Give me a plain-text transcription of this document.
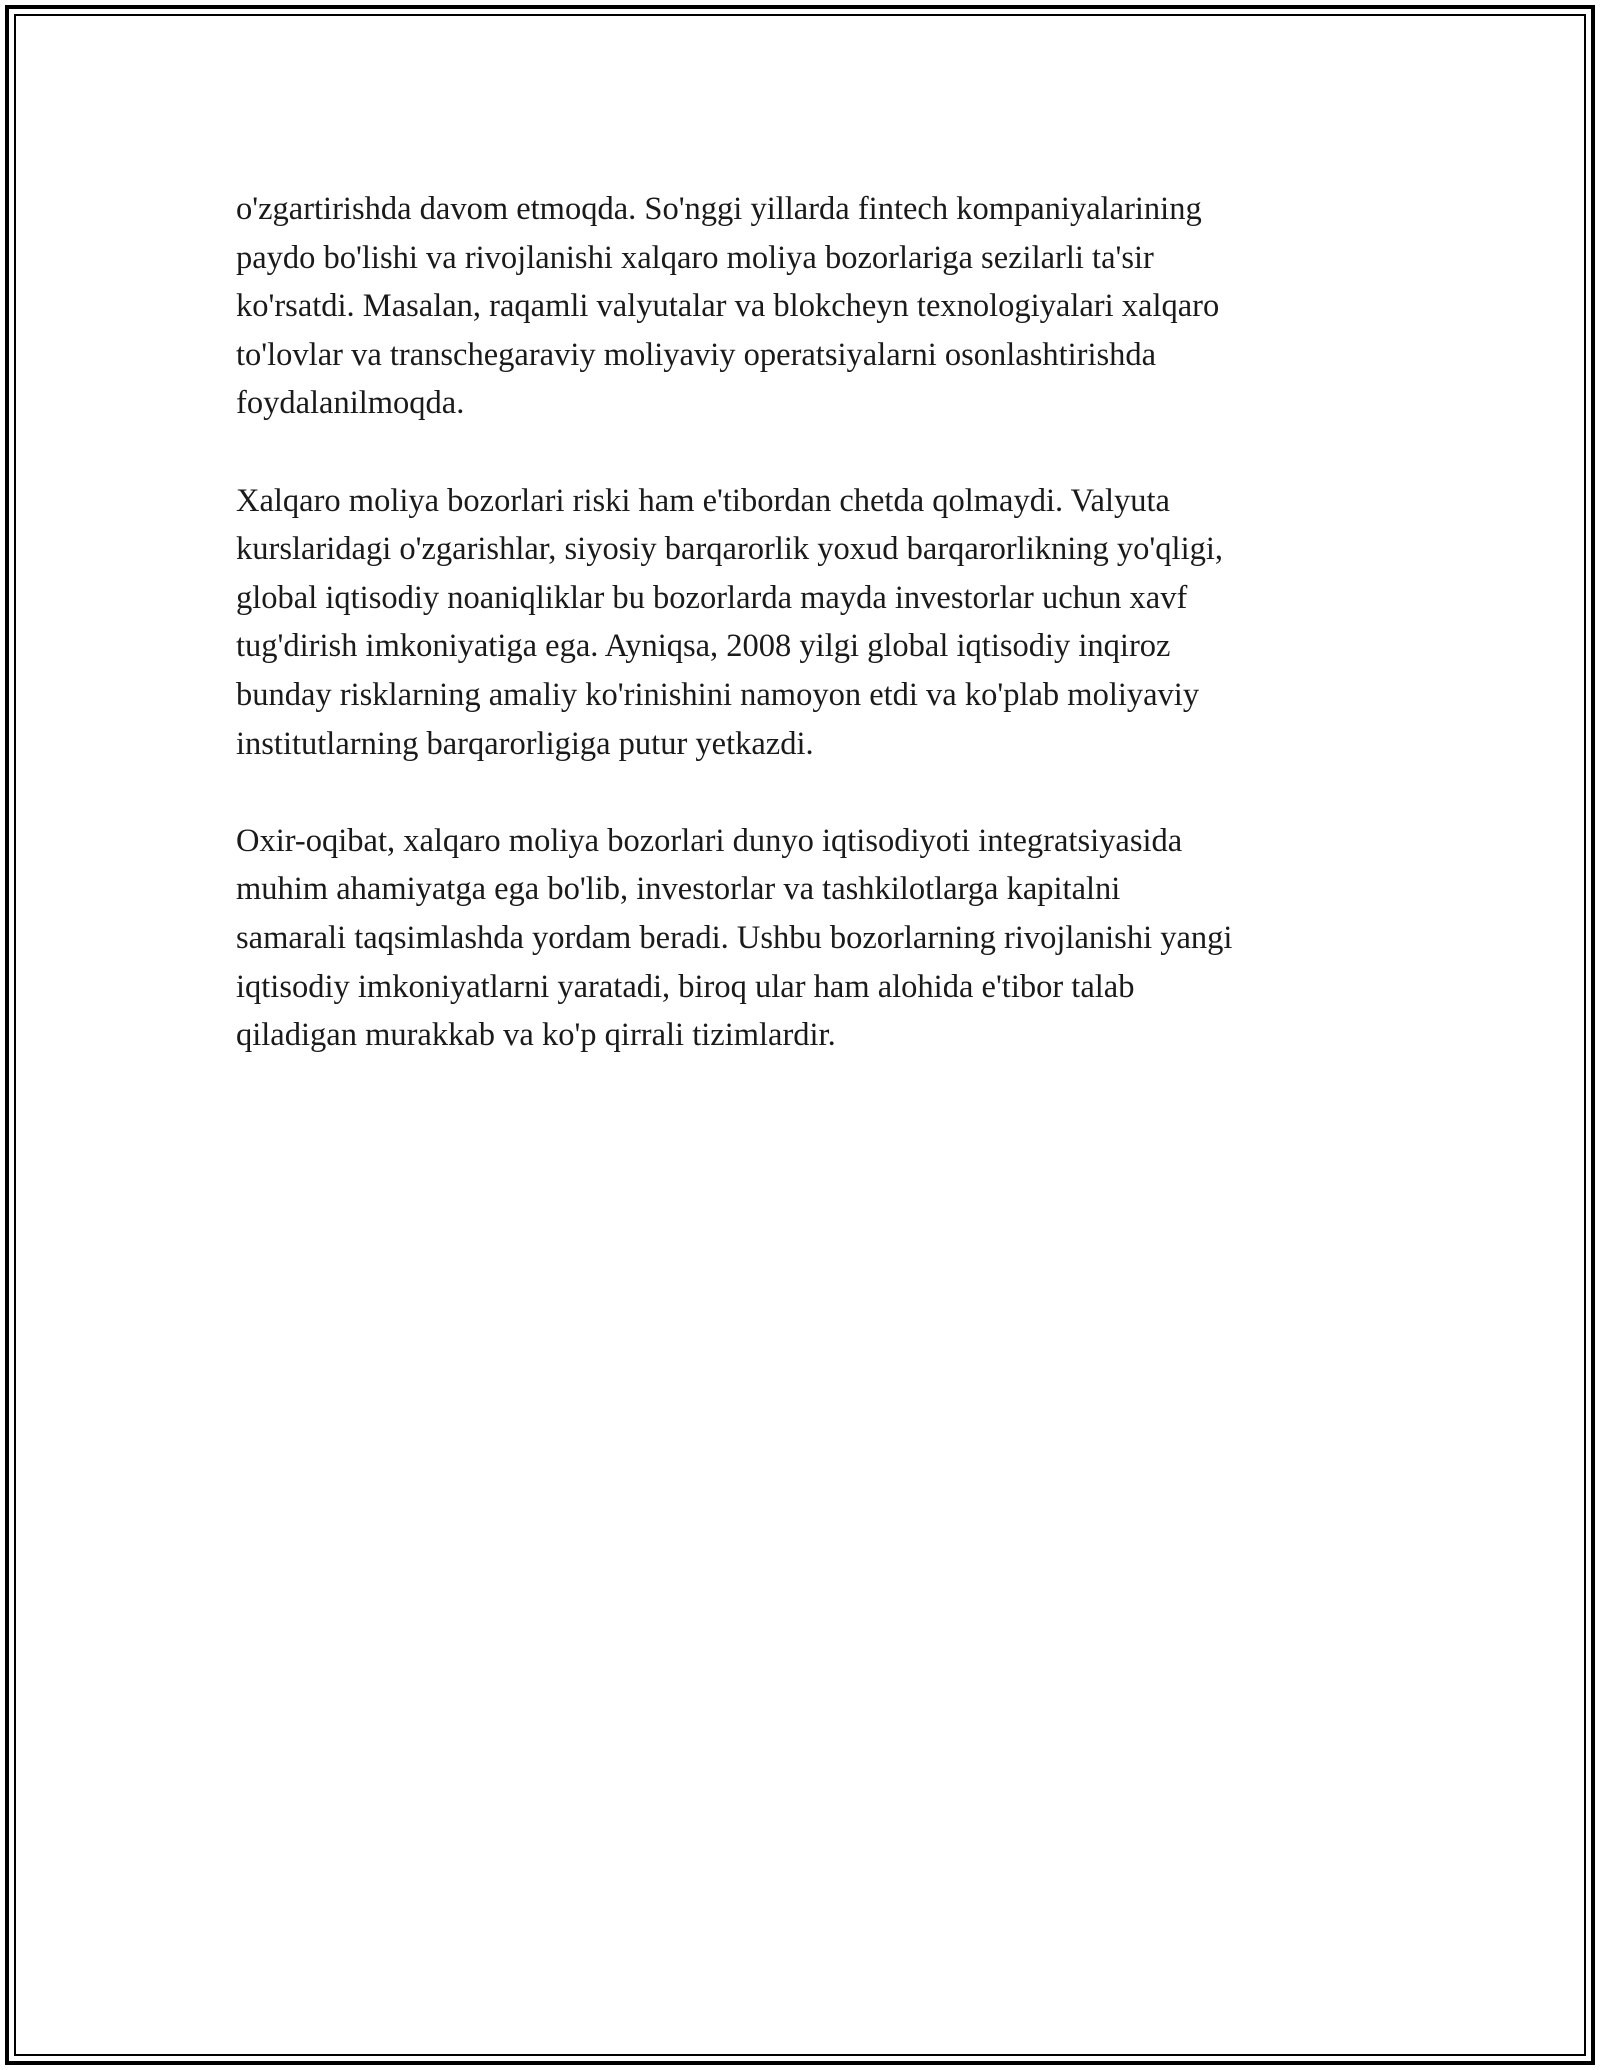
o'zgartirishda davom etmoqda. So'nggi yillarda fintech kompaniyalarining
paydo bo'lishi va rivojlanishi xalqaro moliya bozorlariga sezilarli ta'sir
ko'rsatdi. Masalan, raqamli valyutalar va blokcheyn texnologiyalari xalqaro
to'lovlar va transchegaraviy moliyaviy operatsiyalarni osonlashtirishda
foydalanilmoqda.

Xalqaro moliya bozorlari riski ham e'tibordan chetda qolmaydi. Valyuta
kurslaridagi o'zgarishlar, siyosiy barqarorlik yoxud barqarorlikning yo'qligi,
global iqtisodiy noaniqliklar bu bozorlarda mayda investorlar uchun xavf
tug'dirish imkoniyatiga ega. Ayniqsa, 2008 yilgi global iqtisodiy inqiroz
bunday risklarning amaliy ko'rinishini namoyon etdi va ko'plab moliyaviy
institutlarning barqarorligiga putur yetkazdi.

Oxir-oqibat, xalqaro moliya bozorlari dunyo iqtisodiyoti integratsiyasida
muhim ahamiyatga ega bo'lib, investorlar va tashkilotlarga kapitalni
samarali taqsimlashda yordam beradi. Ushbu bozorlarning rivojlanishi yangi
iqtisodiy imkoniyatlarni yaratadi, biroq ular ham alohida e'tibor talab
qiladigan murakkab va ko'p qirrali tizimlardir.
